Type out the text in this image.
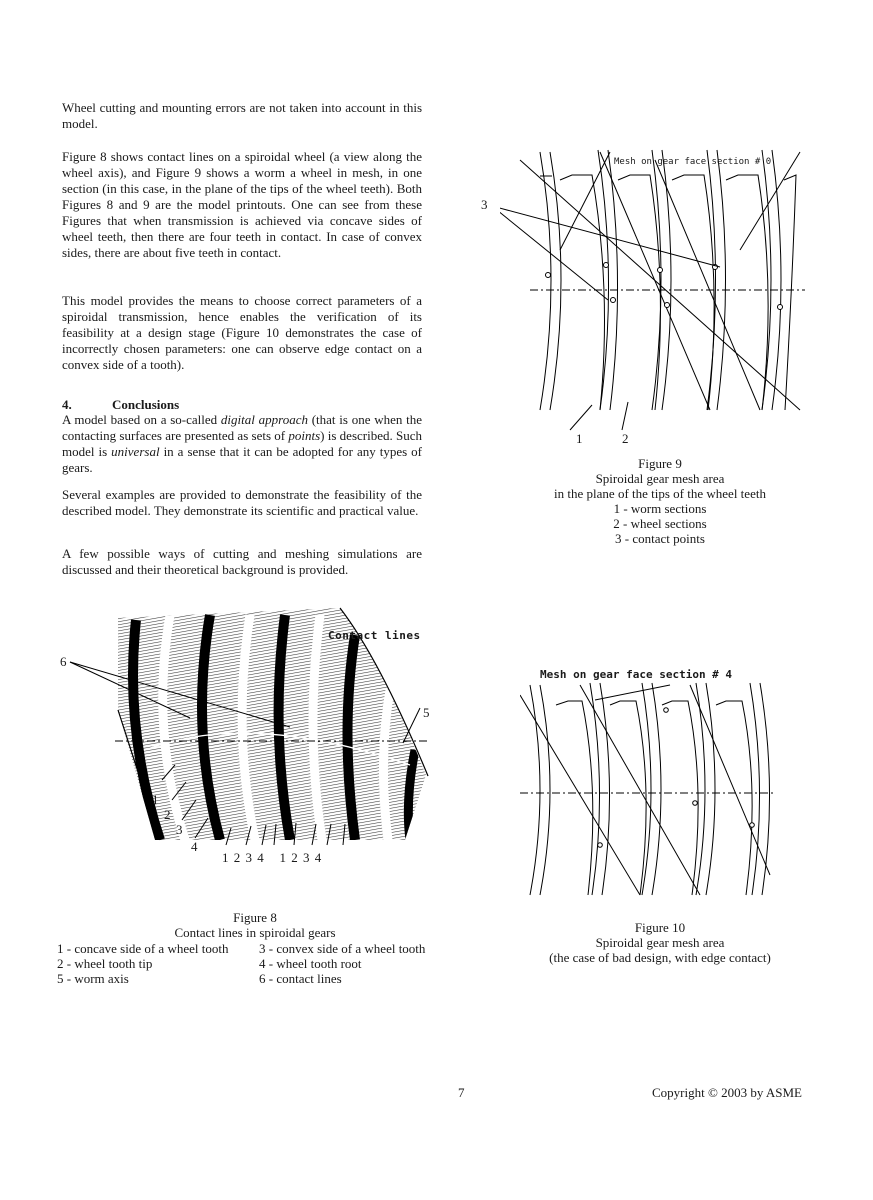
Wheel cutting and mounting errors are not taken into account in this model.

Figure 8 shows contact lines on a spiroidal wheel (a view along the wheel axis), and Figure 9 shows a worm a wheel in mesh, in one section (in this case, in the plane of the tips of the wheel teeth). Both Figures 8 and 9 are the model printouts. One can see from these Figures that when transmission is achieved via concave sides of wheel teeth, then there are four teeth in contact. In case of convex sides, there are about five teeth in contact.

This model provides the means to choose correct parameters of a spiroidal transmission, hence enables the verification of its feasibility at a design stage (Figure 10 demonstrates the case of incorrectly chosen parameters: one can observe edge contact on a convex side of a tooth).

4.	Conclusions

A model based on a so-called digital approach (that is one when the contacting surfaces are presented as sets of points) is described. Such model is universal in a sense that it can be adopted for any types of gears.

Several examples are provided to demonstrate the feasibility of the described model. They demonstrate its scientific and practical value.

A few possible ways of cutting and meshing simulations are discussed and their theoretical background is provided.

Contact lines
6
5
1
2
3
4
1 2 3 4   1 2 3 4
Figure 8
Contact lines in spiroidal gears
1 - concave side of a wheel tooth 3 - convex side of a wheel tooth
2 - wheel tooth tip	4 - wheel tooth root
5 - worm axis	6 - contact lines
Mesh on gear face section # 0
3
1	2
Figure 9
Spiroidal gear mesh area
in the plane of the tips of the wheel teeth
1 - worm sections
2 - wheel sections
3 - contact points
Mesh on gear face section # 4
Figure 10
Spiroidal gear mesh area
(the case of bad design, with edge contact)
7	Copyright © 2003 by ASME
